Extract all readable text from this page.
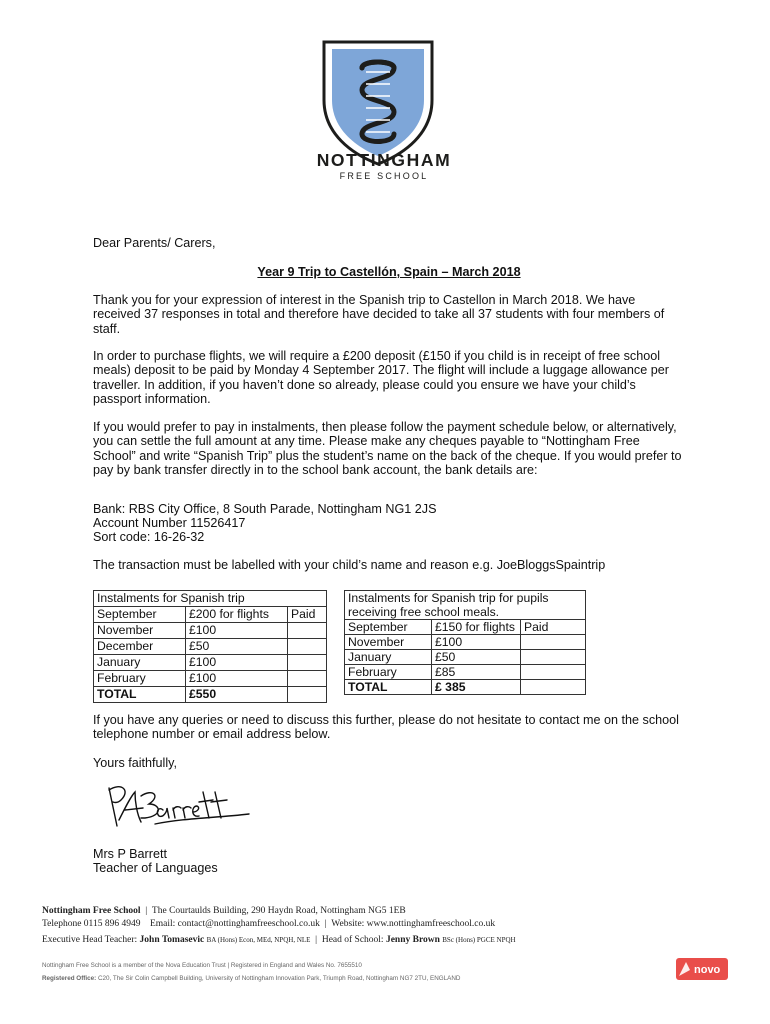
NOTTINGHAM
FREE SCHOOL
Dear Parents/ Carers,
Year 9 Trip to Castellón, Spain – March 2018
Thank you for your expression of interest in the Spanish trip to Castellon in March 2018. We have received 37 responses in total and therefore have decided to take all 37 students with four members of staff.
In order to purchase flights, we will require a £200 deposit (£150 if you child is in receipt of free school meals) deposit to be paid by Monday 4 September 2017. The flight will include a luggage allowance per traveller. In addition, if you haven’t done so already, please could you ensure we have your child’s passport information.
If you would prefer to pay in instalments, then please follow the payment schedule below, or alternatively, you can settle the full amount at any time. Please make any cheques payable to “Nottingham Free School” and write “Spanish Trip” plus the student’s name on the back of the cheque. If you would prefer to pay by bank transfer directly in to the school bank account, the bank details are:
Bank: RBS City Office, 8 South Parade, Nottingham NG1 2JS
Account Number 11526417
Sort code: 16-26-32
The transaction must be labelled with your child’s name and reason e.g. JoeBloggsSpaintrip
Instalments for Spanish trip		
September	£200 for flights	Paid
November	£100	
December	£50	
January	£100	
February	£100	
TOTAL	£550	
Instalments for Spanish trip for pupils receiving free school meals.		
September	£150 for flights	Paid
November	£100	
January	£50	
February	£85	
TOTAL	£ 385	
If you have any queries or need to discuss this further, please do not hesitate to contact me on the school telephone number or email address below.
Yours faithfully,
Mrs P Barrett
Teacher of Languages
Nottingham Free School  |  The Courtaulds Building, 290 Haydn Road, Nottingham NG5 1EB
Telephone 0115 896 4949 Email: contact@nottinghamfreeschool.co.uk  |  Website: www.nottinghamfreeschool.co.uk
Executive Head Teacher: John Tomasevic BA (Hons) Econ, MEd, NPQH, NLE  |  Head of School: Jenny Brown BSc (Hons) PGCE NPQH
Nottingham Free School is a member of the Nova Education Trust | Registered in England and Wales No. 7655510
Registered Office: C20, The Sir Colin Campbell Building, University of Nottingham Innovation Park, Triumph Road, Nottingham NG7 2TU, ENGLAND
novo
